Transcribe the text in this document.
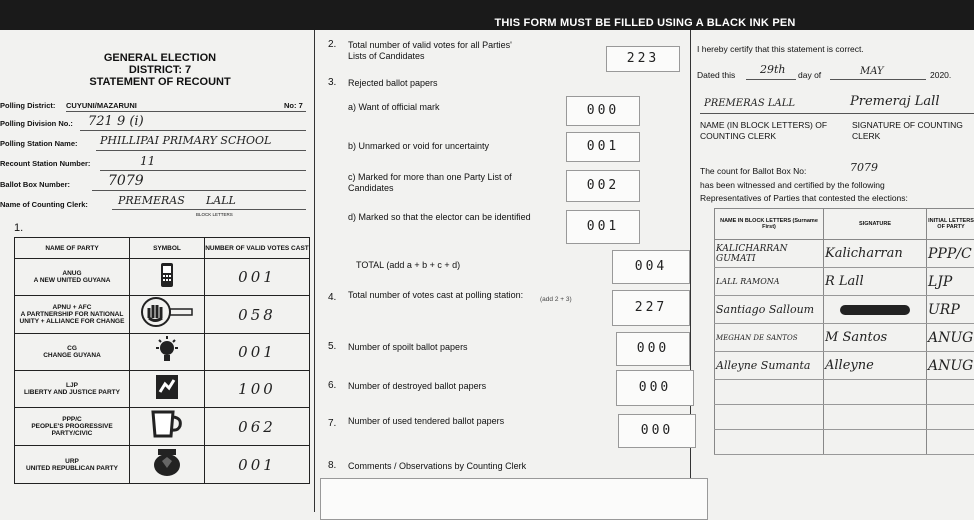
THIS FORM MUST BE FILLED USING A BLACK INK PEN
GENERAL ELECTION
DISTRICT: 7
STATEMENT OF RECOUNT
Polling District: CUYUNI/MAZARUNI	No: 7
Polling Division No.: 721 9 (i)
Polling Station Name: PHILLIPAI PRIMARY SCHOOL
Recount Station Number:	11
Ballot Box Number:	7079
Name of Counting Clerk:	PREMERAS LALL
BLOCK LETTERS
1.
NAME OF PARTY	SYMBOL	NUMBER OF VALID VOTES CAST
ANUG
A NEW UNITED GUYANA		001
APNU + AFC
A PARTNERSHIP FOR NATIONAL UNITY + ALLIANCE FOR CHANGE		058
CG
CHANGE GUYANA		001
LJP
LIBERTY AND JUSTICE PARTY		100
PPP/C
PEOPLE'S PROGRESSIVE PARTY/CIVIC		062
URP
UNITED REPUBLICAN PARTY		001
2. Total number of valid votes for all Parties' Lists of Candidates	223
3. Rejected ballot papers
a) Want of official mark	000
b) Unmarked or void for uncertainty	001
c) Marked for more than one Party List of Candidates	002
d) Marked so that the elector can be identified
001
TOTAL (add a + b + c + d)	004
4. Total number of votes cast at polling station:	(add 2 + 3)
227
5. Number of spoilt ballot papers	000
6. Number of destroyed ballot papers	000
7. Number of used tendered ballot papers
000
8. Comments / Observations by Counting Clerk
I hereby certify that this statement is correct.
Dated this 29th day of	MAY	2020.
PREMERAS LALL	Premeraj Lall
NAME (IN BLOCK LETTERS) OF COUNTING CLERK
SIGNATURE OF COUNTING CLERK
The count for Ballot Box No:	7079
has been witnessed and certified by the following
Representatives of Parties that contested the elections:
NAME IN BLOCK LETTERS (Surname First)	SIGNATURE	INITIAL LETTERS OF PARTY
KALICHARRAN GUMATI	Kalicharran	PPP/C
LALL RAMONA	R Lall	LJP
Santiago Salloum		URP
MEGHAN DE SANTOS	M Santos	ANUG
Alleyne Sumanta	Alleyne	ANUG
